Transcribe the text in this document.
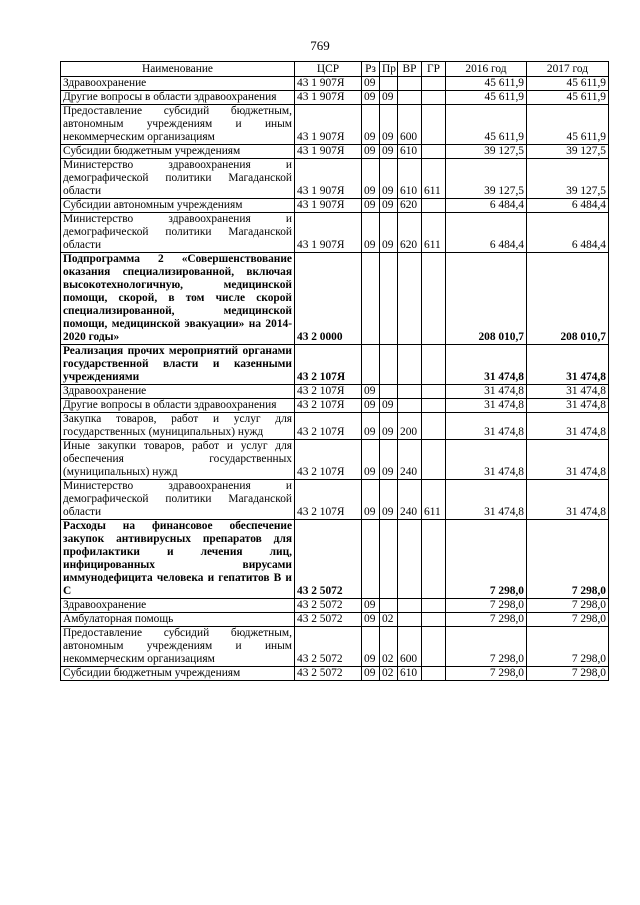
769
Наименование	ЦСР	Рз	Пр	ВР	ГР	2016 год	2017 год
Здравоохранение	43 1 907Я	09				45 611,9	45 611,9
Другие вопросы в области здравоохранения	43 1 907Я	09	09			45 611,9	45 611,9
Предоставление субсидий бюджетным, автономным учреждениям и иным некоммерческим организациям	43 1 907Я	09	09	600		45 611,9	45 611,9
Субсидии бюджетным учреждениям	43 1 907Я	09	09	610		39 127,5	39 127,5
Министерство здравоохранения и демографической политики Магаданской области	43 1 907Я	09	09	610	611	39 127,5	39 127,5
Субсидии автономным учреждениям	43 1 907Я	09	09	620		6 484,4	6 484,4
Министерство здравоохранения и демографической политики Магаданской области	43 1 907Я	09	09	620	611	6 484,4	6 484,4
Подпрограмма 2 «Совершенствование оказания специализированной, включая высокотехнологичную, медицинской помощи, скорой, в том числе скорой специализированной, медицинской помощи, медицинской эвакуации» на 2014-2020 годы»	43 2 0000					208 010,7	208 010,7
Реализация прочих мероприятий органами государственной власти и казенными учреждениями	43 2 107Я					31 474,8	31 474,8
Здравоохранение	43 2 107Я	09				31 474,8	31 474,8
Другие вопросы в области здравоохранения	43 2 107Я	09	09			31 474,8	31 474,8
Закупка товаров, работ и услуг для государственных (муниципальных) нужд	43 2 107Я	09	09	200		31 474,8	31 474,8
Иные закупки товаров, работ и услуг для обеспечения государственных (муниципальных) нужд	43 2 107Я	09	09	240		31 474,8	31 474,8
Министерство здравоохранения и демографической политики Магаданской области	43 2 107Я	09	09	240	611	31 474,8	31 474,8
Расходы на финансовое обеспечение закупок антивирусных препаратов для профилактики и лечения лиц, инфицированных вирусами иммунодефицита человека и гепатитов В и С	43 2 5072					7 298,0	7 298,0
Здравоохранение	43 2 5072	09				7 298,0	7 298,0
Амбулаторная помощь	43 2 5072	09	02			7 298,0	7 298,0
Предоставление субсидий бюджетным, автономным учреждениям и иным некоммерческим организациям	43 2 5072	09	02	600		7 298,0	7 298,0
Субсидии бюджетным учреждениям	43 2 5072	09	02	610		7 298,0	7 298,0
